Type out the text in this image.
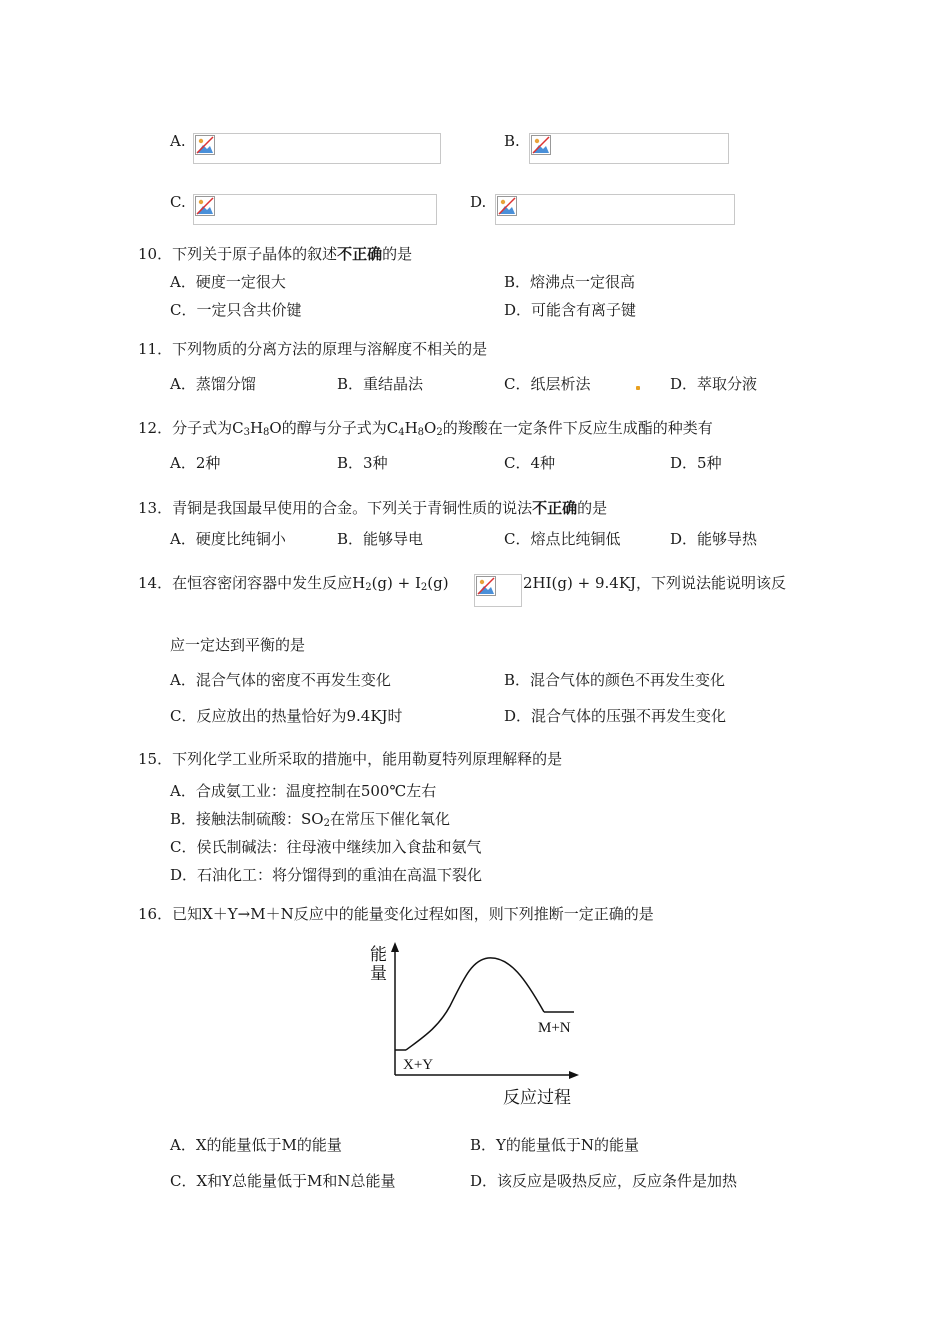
A.	B.
C.	D.
10．下列关于原子晶体的叙述不正确的是
A．硬度一定很大	B．熔沸点一定很高
C．一定只含共价键	D．可能含有离子键
11．下列物质的分离方法的原理与溶解度不相关的是
A．蒸馏分馏	B．重结晶法	C．纸层析法	D．萃取分液
12．分子式为$C_3H_8O$的醇与分子式为$C_4H_8O_2$的羧酸在一定条件下反应生成酯的种类有
A．2种	B．3种	C．4种	D．5种
13．青铜是我国最早使用的合金。下列关于青铜性质的说法不正确的是
A．硬度比纯铜小	B．能够导电	C．熔点比纯铜低	D．能够导热
14．在恒容密闭容器中发生反应$H_2(g) + I_2(g)$	2HI(g) + 9.4KJ，下列说法能说明该反
应一定达到平衡的是
A．混合气体的密度不再发生变化	B．混合气体的颜色不再发生变化
C．反应放出的热量恰好为9.4KJ时	D．混合气体的压强不再发生变化
15．下列化学工业所采取的措施中，能用勒夏特列原理解释的是
A．合成氨工业：温度控制在500℃左右
B．接触法制硫酸：$SO_2$在常压下催化氧化
C．侯氏制碱法：往母液中继续加入食盐和氨气
D．石油化工：将分馏得到的重油在高温下裂化
16．已知X＋Y→M＋N反应中的能量变化过程如图，则下列推断一定正确的是
能
量
M+N
X+Y
反应过程
A．X的能量低于M的能量	B．Y的能量低于N的能量
C．X和Y总能量低于M和N总能量	D．该反应是吸热反应，反应条件是加热
